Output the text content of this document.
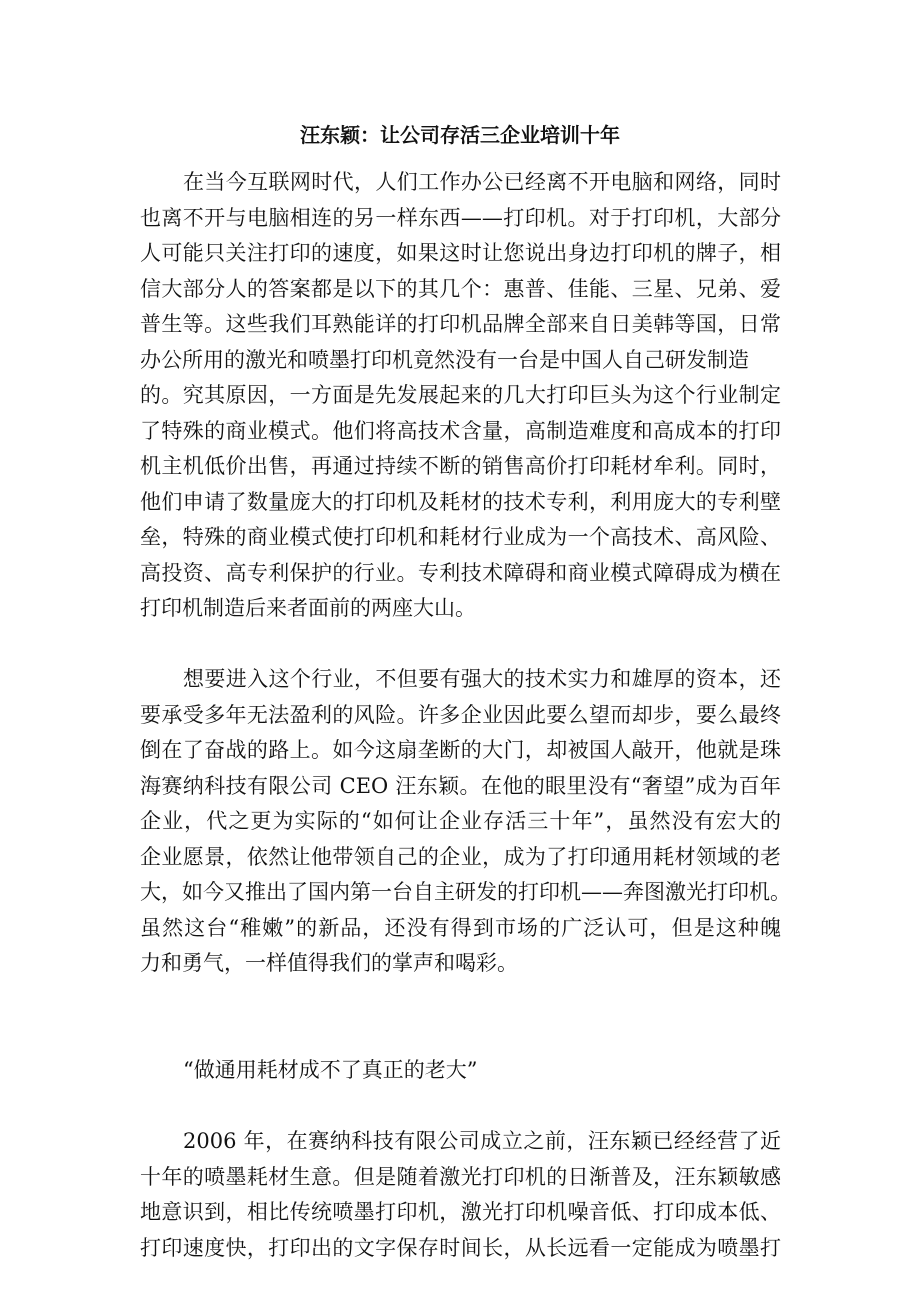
汪东颖：让公司存活三企业培训十年
在当今互联网时代，人们工作办公已经离不开电脑和网络，同时
也离不开与电脑相连的另一样东西——打印机。对于打印机，大部分
人可能只关注打印的速度，如果这时让您说出身边打印机的牌子，相
信大部分人的答案都是以下的其几个：惠普、佳能、三星、兄弟、爱
普生等。这些我们耳熟能详的打印机品牌全部来自日美韩等国，日常
办公所用的激光和喷墨打印机竟然没有一台是中国人自己研发制造
的。究其原因，一方面是先发展起来的几大打印巨头为这个行业制定
了特殊的商业模式。他们将高技术含量，高制造难度和高成本的打印
机主机低价出售，再通过持续不断的销售高价打印耗材牟利。同时，
他们申请了数量庞大的打印机及耗材的技术专利，利用庞大的专利壁
垒，特殊的商业模式使打印机和耗材行业成为一个高技术、高风险、
高投资、高专利保护的行业。专利技术障碍和商业模式障碍成为横在
打印机制造后来者面前的两座大山。
想要进入这个行业，不但要有强大的技术实力和雄厚的资本，还
要承受多年无法盈利的风险。许多企业因此要么望而却步，要么最终
倒在了奋战的路上。如今这扇垄断的大门，却被国人敲开，他就是珠
海赛纳科技有限公司 CEO 汪东颖。在他的眼里没有“奢望”成为百年
企业，代之更为实际的“如何让企业存活三十年”，虽然没有宏大的
企业愿景，依然让他带领自己的企业，成为了打印通用耗材领域的老
大，如今又推出了国内第一台自主研发的打印机——奔图激光打印机。
虽然这台“稚嫩”的新品，还没有得到市场的广泛认可，但是这种魄
力和勇气，一样值得我们的掌声和喝彩。
2006 年，在赛纳科技有限公司成立之前，汪东颖已经经营了近
十年的喷墨耗材生意。但是随着激光打印机的日渐普及，汪东颖敏感
地意识到，相比传统喷墨打印机，激光打印机噪音低、打印成本低、
打印速度快，打印出的文字保存时间长，从长远看一定能成为喷墨打
“做通用耗材成不了真正的老大”
